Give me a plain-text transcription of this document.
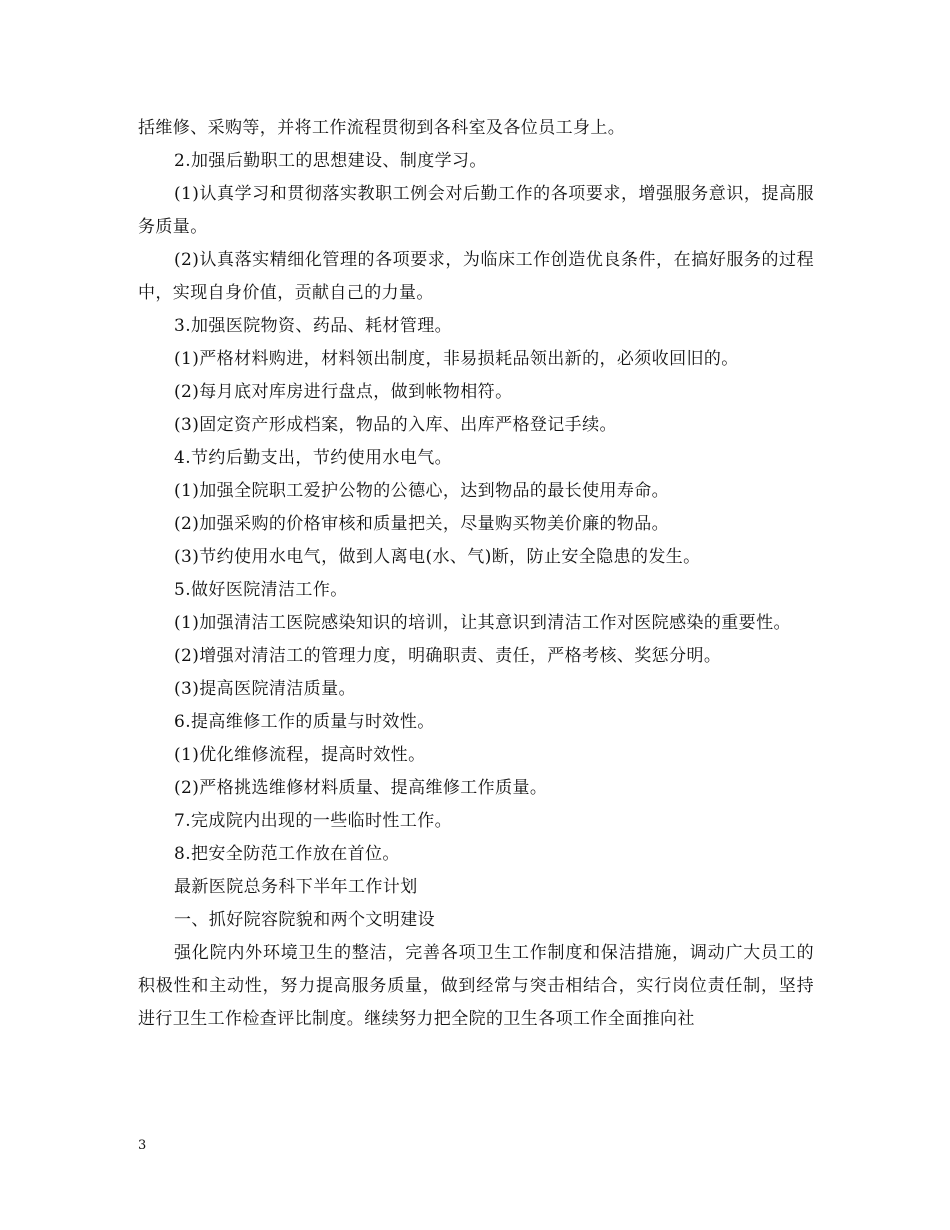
括维修、采购等，并将工作流程贯彻到各科室及各位员工身上。

2.加强后勤职工的思想建设、制度学习。

(1)认真学习和贯彻落实教职工例会对后勤工作的各项要求，增强服务意识，提高服务质量。

(2)认真落实精细化管理的各项要求，为临床工作创造优良条件，在搞好服务的过程中，实现自身价值，贡献自己的力量。

3.加强医院物资、药品、耗材管理。

(1)严格材料购进，材料领出制度，非易损耗品领出新的，必须收回旧的。

(2)每月底对库房进行盘点，做到帐物相符。

(3)固定资产形成档案，物品的入库、出库严格登记手续。

4.节约后勤支出，节约使用水电气。

(1)加强全院职工爱护公物的公德心，达到物品的最长使用寿命。

(2)加强采购的价格审核和质量把关，尽量购买物美价廉的物品。

(3)节约使用水电气，做到人离电(水、气)断，防止安全隐患的发生。

5.做好医院清洁工作。

(1)加强清洁工医院感染知识的培训，让其意识到清洁工作对医院感染的重要性。

(2)增强对清洁工的管理力度，明确职责、责任，严格考核、奖惩分明。

(3)提高医院清洁质量。

6.提高维修工作的质量与时效性。

(1)优化维修流程，提高时效性。

(2)严格挑选维修材料质量、提高维修工作质量。

7.完成院内出现的一些临时性工作。

8.把安全防范工作放在首位。

最新医院总务科下半年工作计划

一、抓好院容院貌和两个文明建设

强化院内外环境卫生的整洁，完善各项卫生工作制度和保洁措施，调动广大员工的积极性和主动性，努力提高服务质量，做到经常与突击相结合，实行岗位责任制，坚持进行卫生工作检查评比制度。继续努力把全院的卫生各项工作全面推向社

3
